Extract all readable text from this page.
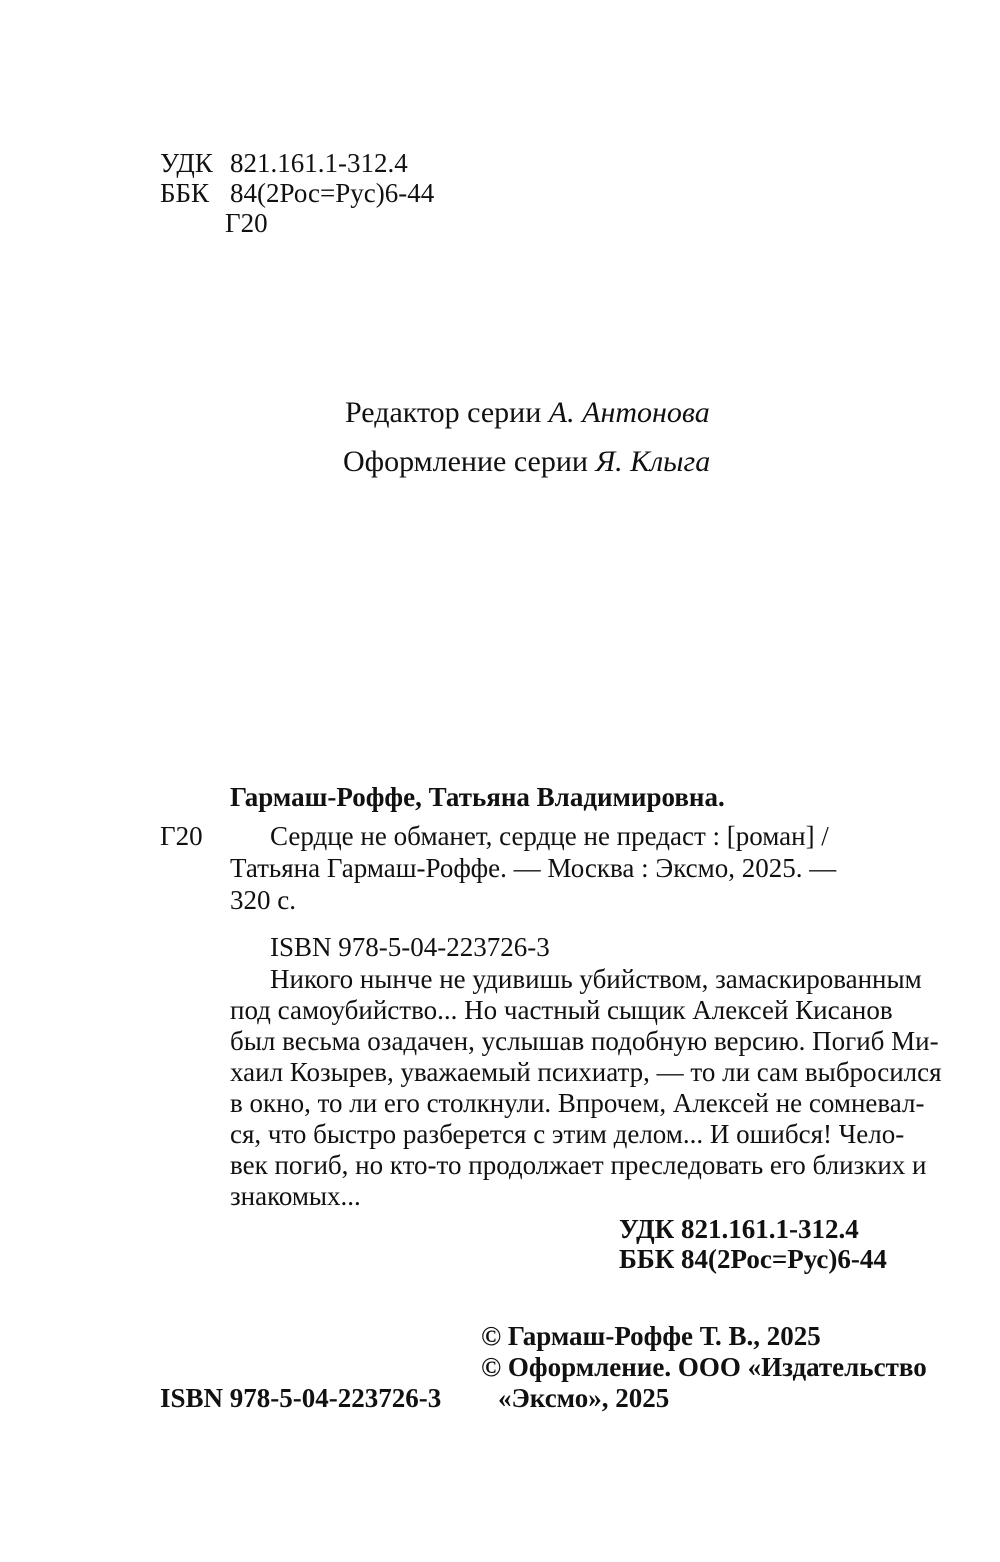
УДК 821.161.1-312.4
ББК 84(2Рос=Рус)6-44
Г20
Редактор серии А. Антонова
Оформление серии Я. Клыга
Гармаш-Роффе, Татьяна Владимировна.
Г20 Сердце не обманет, сердце не предаст : [роман] /
Татьяна Гармаш-Роффе. — Москва : Эксмо, 2025. —
320 с.
ISBN 978-5-04-223726-3
Никого нынче не удивишь убийством, замаскированным
под самоубийство... Но частный сыщик Алексей Кисанов
был весьма озадачен, услышав подобную версию. Погиб Ми-
хаил Козырев, уважаемый психиатр, — то ли сам выбросился
в окно, то ли его столкнули. Впрочем, Алексей не сомневал-
ся, что быстро разберется с этим делом... И ошибся! Чело-
век погиб, но кто-то продолжает преследовать его близких и
знакомых...
УДК 821.161.1-312.4
ББК 84(2Рос=Рус)6-44
© Гармаш-Роффе Т. В., 2025
© Оформление. ООО «Издательство
«Эксмо», 2025
ISBN 978-5-04-223726-3
